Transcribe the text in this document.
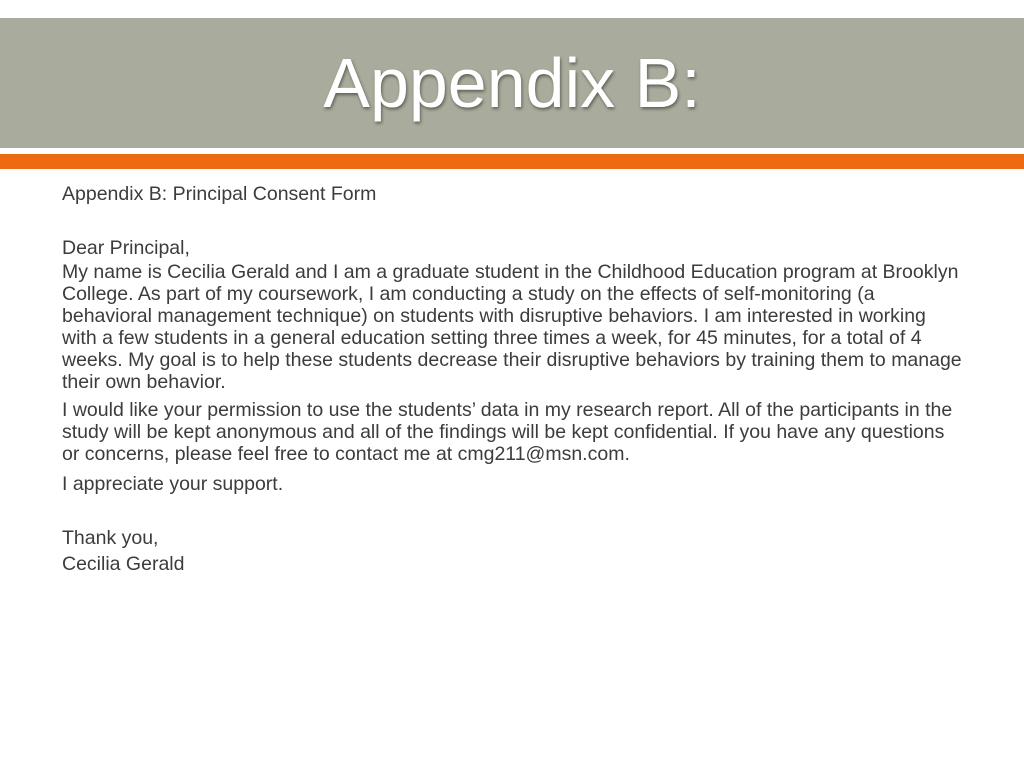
Appendix B:

Appendix B: Principal Consent Form

Dear Principal,

My name is Cecilia Gerald and I am a graduate student in the Childhood Education program at Brooklyn College. As part of my coursework, I am conducting a study on the effects of self-monitoring (a behavioral management technique) on students with disruptive behaviors. I am interested in working with a few students in a general education setting three times a week, for 45 minutes, for a total of 4 weeks. My goal is to help these students decrease their disruptive behaviors by training them to manage their own behavior.

I would like your permission to use the students’ data in my research report. All of the participants in the study will be kept anonymous and all of the findings will be kept confidential. If you have any questions or concerns, please feel free to contact me at cmg211@msn.com.

I appreciate your support.

Thank you,

Cecilia Gerald
